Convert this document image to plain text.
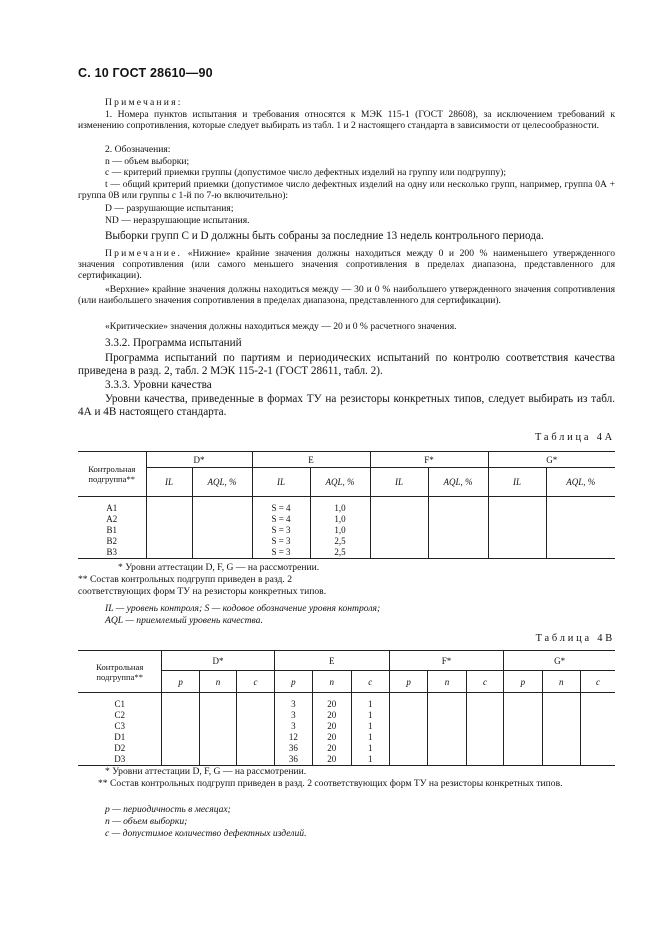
С. 10 ГОСТ 28610—90

Примечания:

1. Номера пунктов испытания и требования относятся к МЭК 115-1 (ГОСТ 28608), за исключением требований к изменению сопротивления, которые следует выбирать из табл. 1 и 2 настоящего стандарта в зависимости от целесообразности.

2. Обозначения:

n — объем выборки;

c — критерий приемки группы (допустимое число дефектных изделий на группу или подгруппу);

t — общий критерий приемки (допустимое число дефектных изделий на одну или несколько групп, например, группа 0А + группа 0В или группы с 1-й по 7-ю включительно):

D — разрушающие испытания;

ND — неразрушающие испытания.

Выборки групп С и D должны быть собраны за последние 13 недель контрольного периода.

Примечание. «Нижние» крайние значения должны находиться между 0 и 200 % наименьшего утвержденного значения сопротивления (или самого меньшего значения сопротивления в пределах диапазона, представленного для сертификации).

«Верхние» крайние значения должны находиться между — 30 и 0 % наибольшего утвержденного значения сопротивления (или наибольшего значения сопротивления в пределах диапазона, представленного для сертификации).

«Критические» значения должны находиться между — 20 и 0 % расчетного значения.

3.3.2. Программа испытаний

Программа испытаний по партиям и периодических испытаний по контролю соответствия качества приведена в разд. 2, табл. 2 МЭК 115-2-1 (ГОСТ 28611, табл. 2).

3.3.3. Уровни качества

Уровни качества, приведенные в формах ТУ на резисторы конкретных типов, следует выбирать из табл. 4А и 4В настоящего стандарта.

Таблица 4А
Контрольная подгруппа**	D*		E		F*		G*	
	IL	AQL, %	IL	AQL, %	IL	AQL, %	IL	AQL, %

A1			S = 4	1,0				
A2			S = 4	1,0				
B1			S = 3	1,0				
B2			S = 3	2,5				
B3			S = 3	2,5				

* Уровни аттестации D, F, G — на рассмотрении.

** Состав контрольных подгрупп приведен в разд. 2

соответствующих форм ТУ на резисторы конкретных типов.

IL — уровень контроля; S — кодовое обозначение уровня контроля;

AQL — приемлемый уровень качества.

Таблица 4В
Контрольная подгруппа**	D*			E			F*			G*		
	p	n	c	p	n	c	p	n	c	p	n	c

C1				3	20	1						
C2				3	20	1						
C3				3	20	1						
D1				12	20	1						
D2				36	20	1						
D3				36	20	1						

* Уровни аттестации D, F, G — на рассмотрении.

** Состав контрольных подгрупп приведен в разд. 2 соответствующих форм ТУ на резисторы конкретных типов.

p — периодичность в месяцах;

n — объем выборки;

c — допустимое количество дефектных изделий.
